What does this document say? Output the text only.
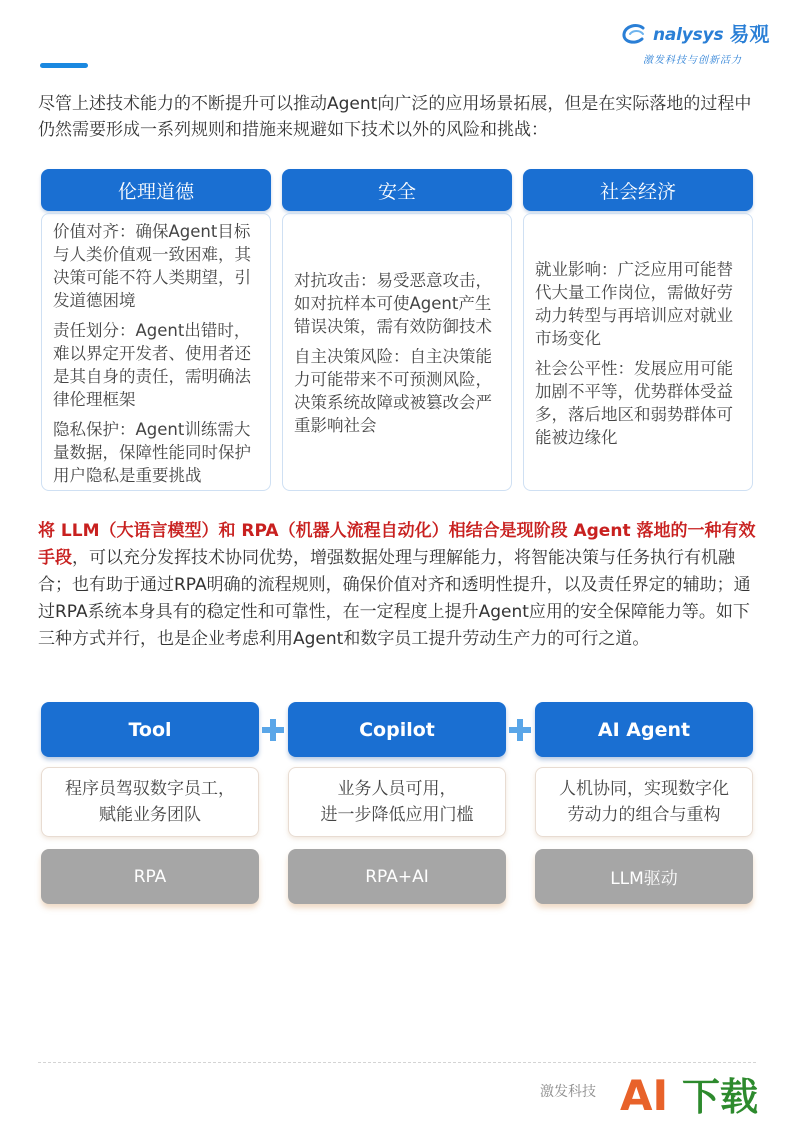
nalysys 易观
激发科技与创新活力

尽管上述技术能力的不断提升可以推动Agent向广泛的应用场景拓展，但是在实际落地的过程中仍然需要形成一系列规则和措施来规避如下技术以外的风险和挑战：

伦理道德
价值对齐：确保Agent目标与人类价值观一致困难，其决策可能不符人类期望，引发道德困境
责任划分：Agent出错时，难以界定开发者、使用者还是其自身的责任，需明确法律伦理框架
隐私保护：Agent训练需大量数据，保障性能同时保护用户隐私是重要挑战
安全
对抗攻击：易受恶意攻击，如对抗样本可使Agent产生错误决策，需有效防御技术
自主决策风险：自主决策能力可能带来不可预测风险，决策系统故障或被篡改会严重影响社会
社会经济
就业影响：广泛应用可能替代大量工作岗位，需做好劳动力转型与再培训应对就业市场变化
社会公平性：发展应用可能加剧不平等，优势群体受益多，落后地区和弱势群体可能被边缘化

将 LLM（大语言模型）和 RPA（机器人流程自动化）相结合是现阶段 Agent 落地的一种有效手段，可以充分发挥技术协同优势，增强数据处理与理解能力，将智能决策与任务执行有机融合；也有助于通过RPA明确的流程规则，确保价值对齐和透明性提升，以及责任界定的辅助；通过RPA系统本身具有的稳定性和可靠性，在一定程度上提升Agent应用的安全保障能力等。如下三种方式并行，也是企业考虑利用Agent和数字员工提升劳动生产力的可行之道。

Tool
程序员驾驭数字员工，
赋能业务团队
RPA
Copilot
业务人员可用，
进一步降低应用门槛
RPA+AI
AI Agent
人机协同，实现数字化
劳动力的组合与重构
LLM驱动
激发科技 AI 下载
